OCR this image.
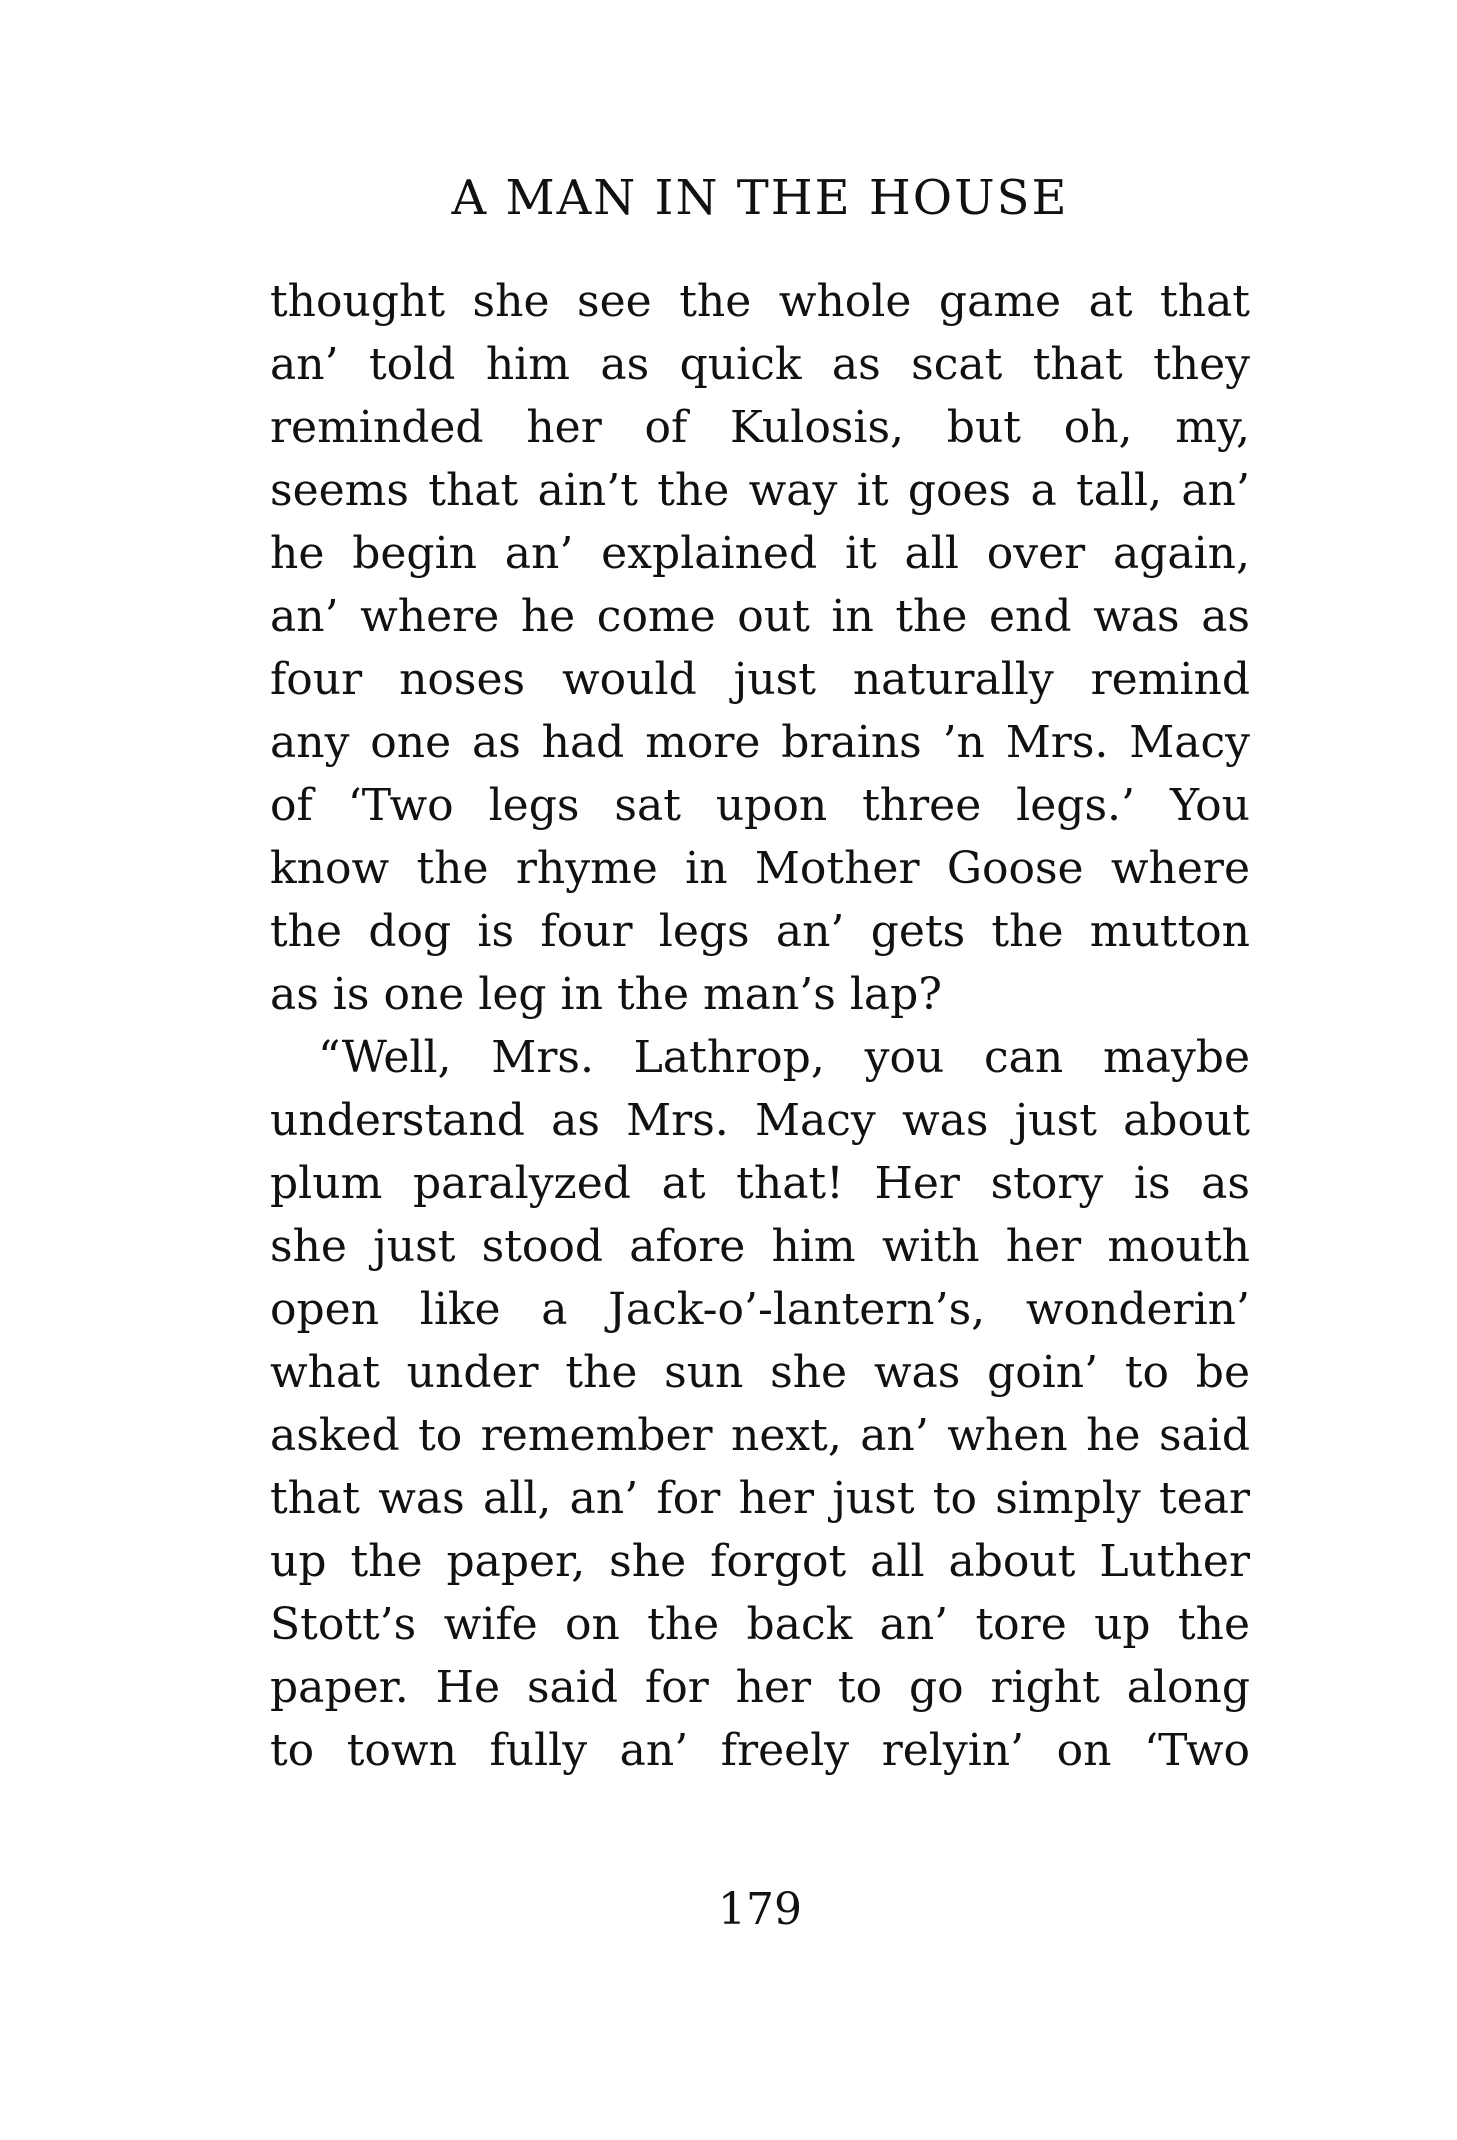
A MAN IN THE HOUSE
thought she see the whole game at that
an’ told him as quick as scat that they
reminded her of Kulosis, but oh, my,
seems that ain’t the way it goes a tall, an’
he begin an’ explained it all over again,
an’ where he come out in the end was as
four noses would just naturally remind
any one as had more brains ’n Mrs. Macy
of ‘Two legs sat upon three legs.’ You
know the rhyme in Mother Goose where
the dog is four legs an’ gets the mutton
as is one leg in the man’s lap?
“Well, Mrs. Lathrop, you can maybe
understand as Mrs. Macy was just about
plum paralyzed at that! Her story is as
she just stood afore him with her mouth
open like a Jack-o’-lantern’s, wonderin’
what under the sun she was goin’ to be
asked to remember next, an’ when he said
that was all, an’ for her just to simply tear
up the paper, she forgot all about Luther
Stott’s wife on the back an’ tore up the
paper. He said for her to go right along
to town fully an’ freely relyin’ on ‘Two
179
